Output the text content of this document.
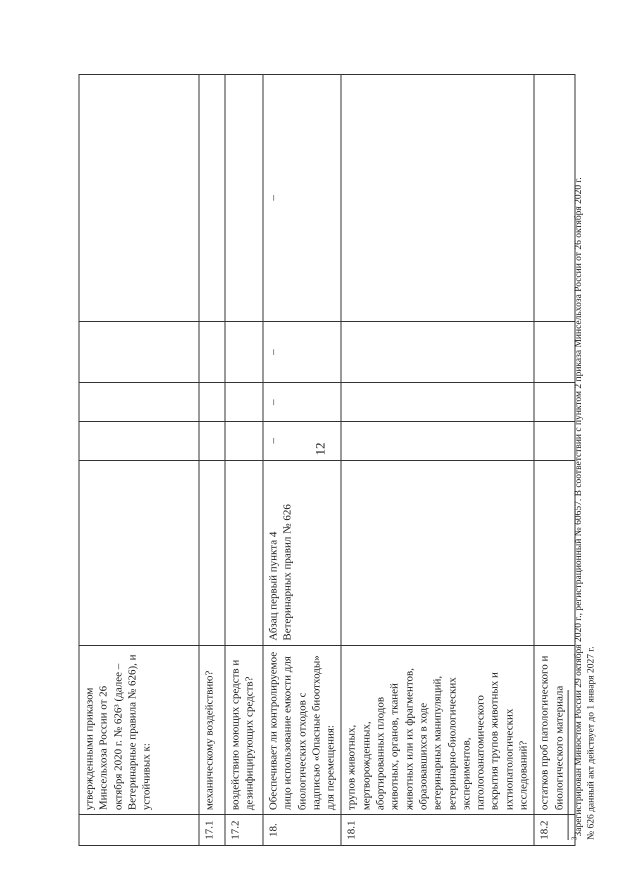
12
	утвержденными приказом Минсельхоза России от 26 октября 2020 г. № 626³ (далее – Ветеринарные правила № 626), и устойчивых к:					
17.1	механическому воздействию?					
17.2	воздействию моющих средств и дезинфицирующих средств?					
18.	Обеспечивает ли контролируемое лицо использование емкости для биологических отходов с надписью «Опасные биоотходы» для перемещения:	Абзац первый пункта 4 Ветеринарных правил № 626	–	–	–	–
18.1	трупов животных, мертворожденных, абортированных плодов животных, органов, тканей животных или их фрагментов, образовавшихся в ходе ветеринарных манипуляций, ветеринарно-биологических экспериментов, патологоанатомического вскрытия трупов животных и ихтиопатологических исследований?					
18.2	остатков проб патологического и биологического материала					
$^3$Зарегистрирован Минюстом России 29 октября 2020 г., регистрационный № 60657. В соответствии с пунктом 2 приказа Минсельхоза России от 26 октября 2020 г. № 626 данный акт действует до 1 января 2027 г.
